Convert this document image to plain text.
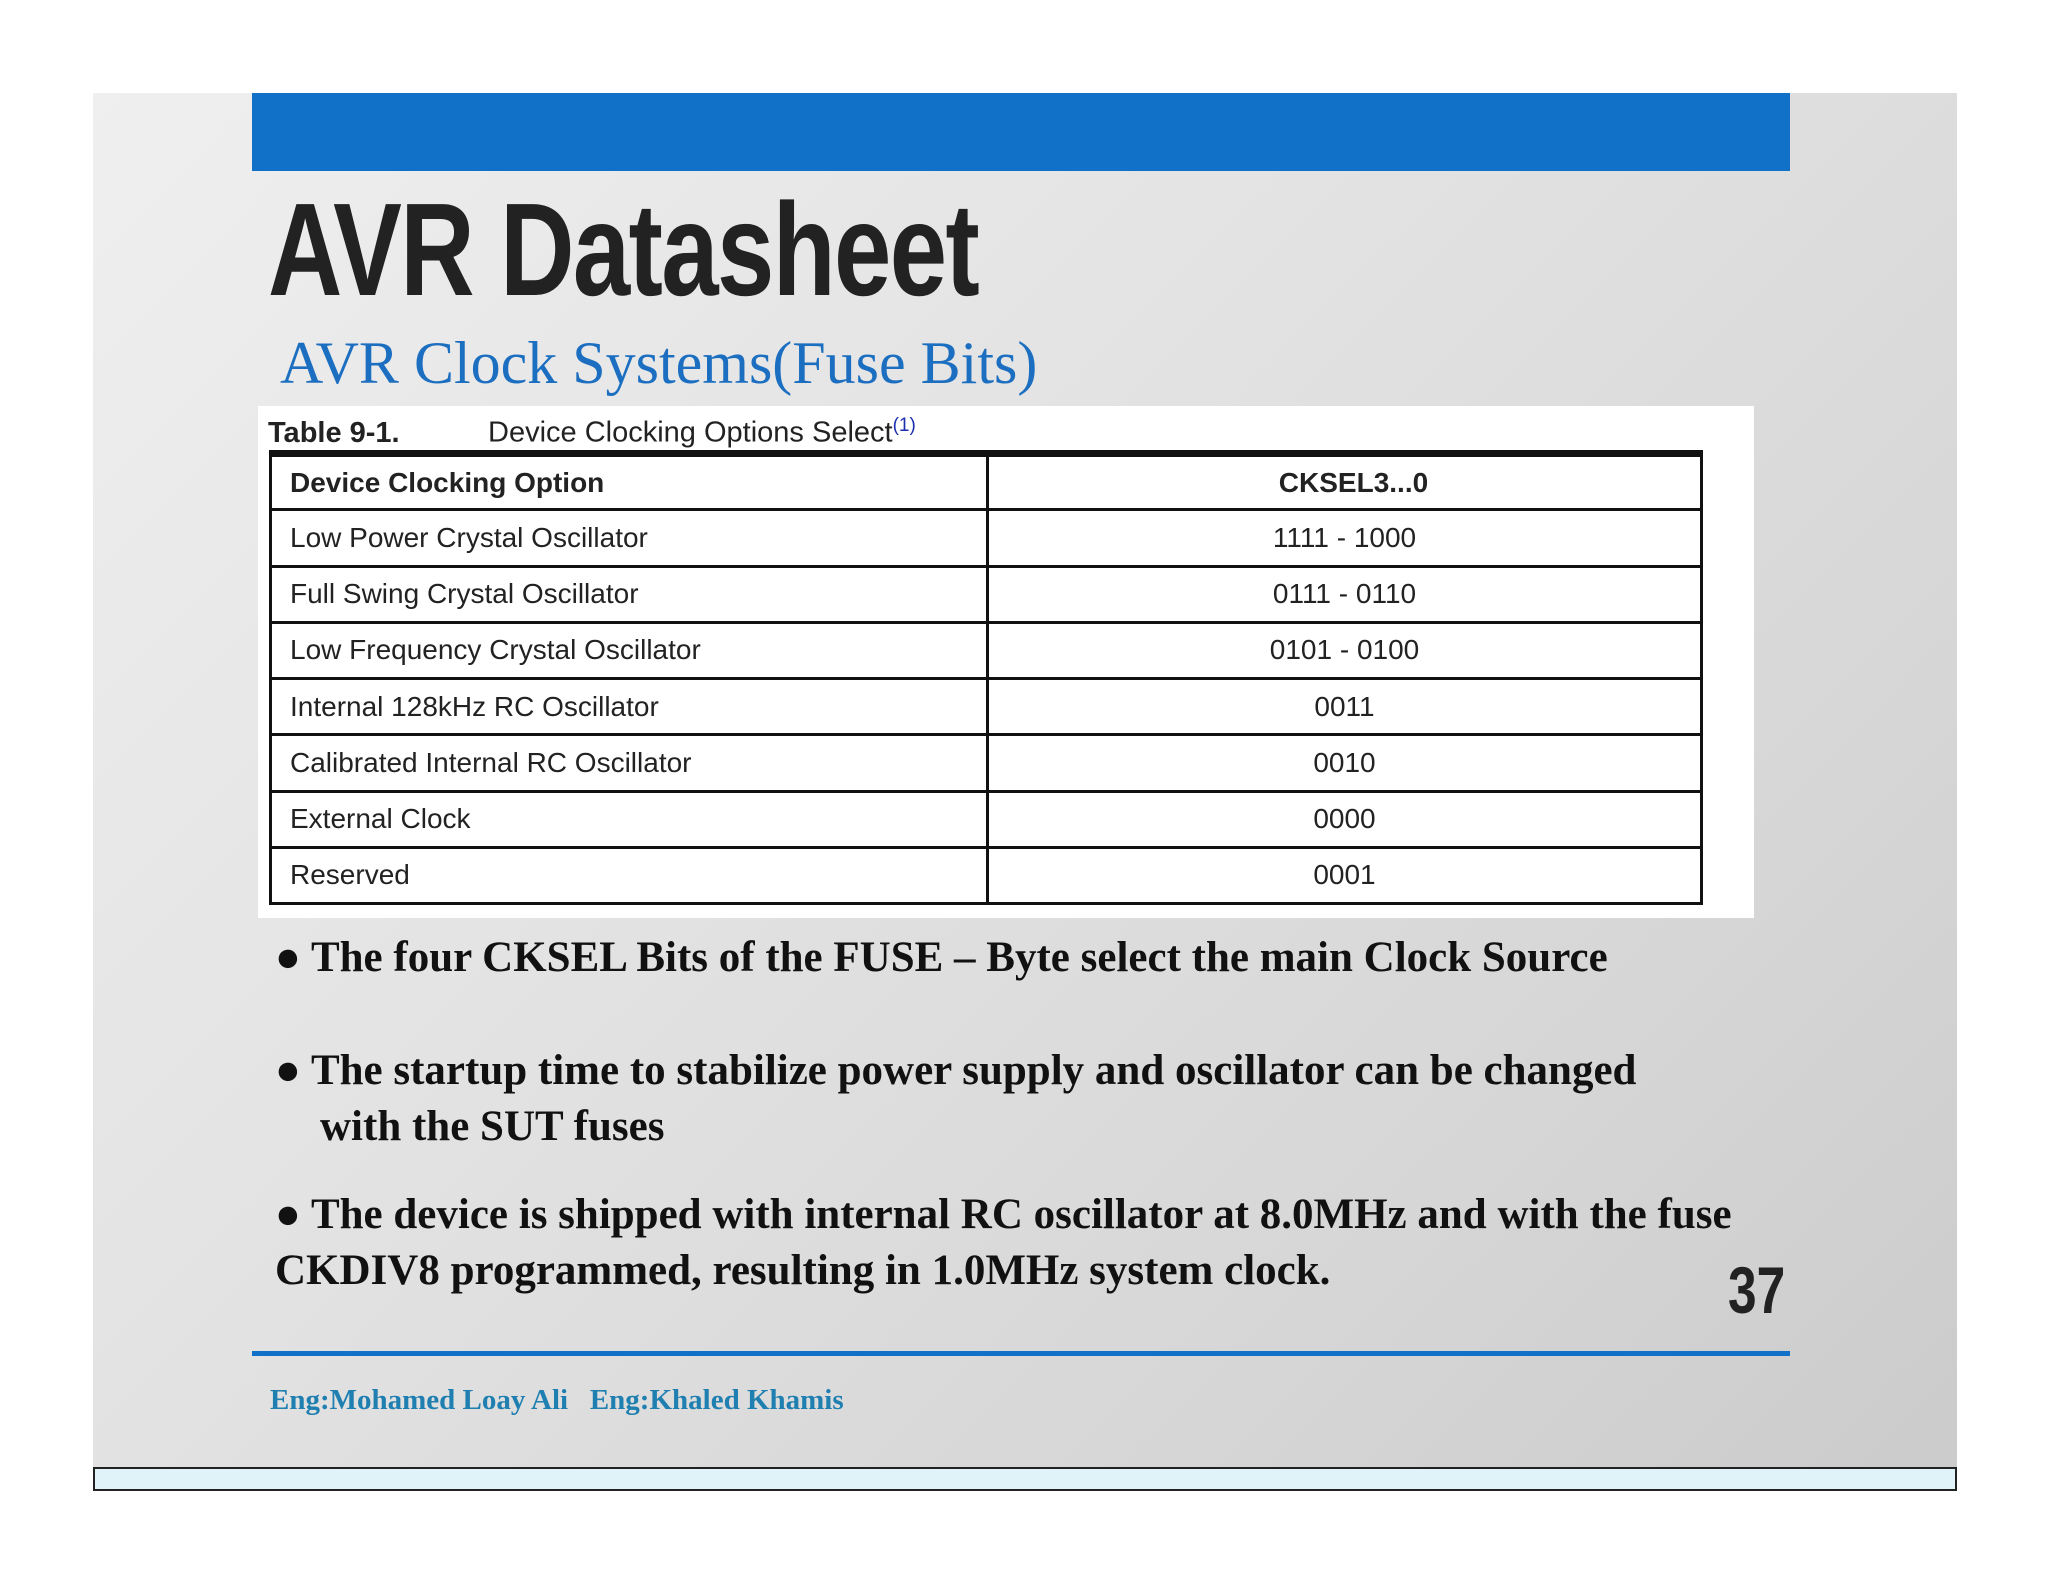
AVR Datasheet
AVR Clock Systems(Fuse Bits)
Table 9-1.	Device Clocking Options Select$^{(1)}$
Device Clocking Option	CKSEL3...0
Low Power Crystal Oscillator	1111 - 1000
Full Swing Crystal Oscillator	0111 - 0110
Low Frequency Crystal Oscillator	0101 - 0100
Internal 128kHz RC Oscillator	0011
Calibrated Internal RC Oscillator	0010
External Clock	0000
Reserved	0001
● The four CKSEL Bits of the FUSE – Byte select the main Clock Source
● The startup time to stabilize power supply and oscillator can be changed
with the SUT fuses
● The device is shipped with internal RC oscillator at 8.0MHz and with the fuse
CKDIV8 programmed, resulting in 1.0MHz system clock.	37
Eng:Mohamed Loay Ali   Eng:Khaled Khamis
